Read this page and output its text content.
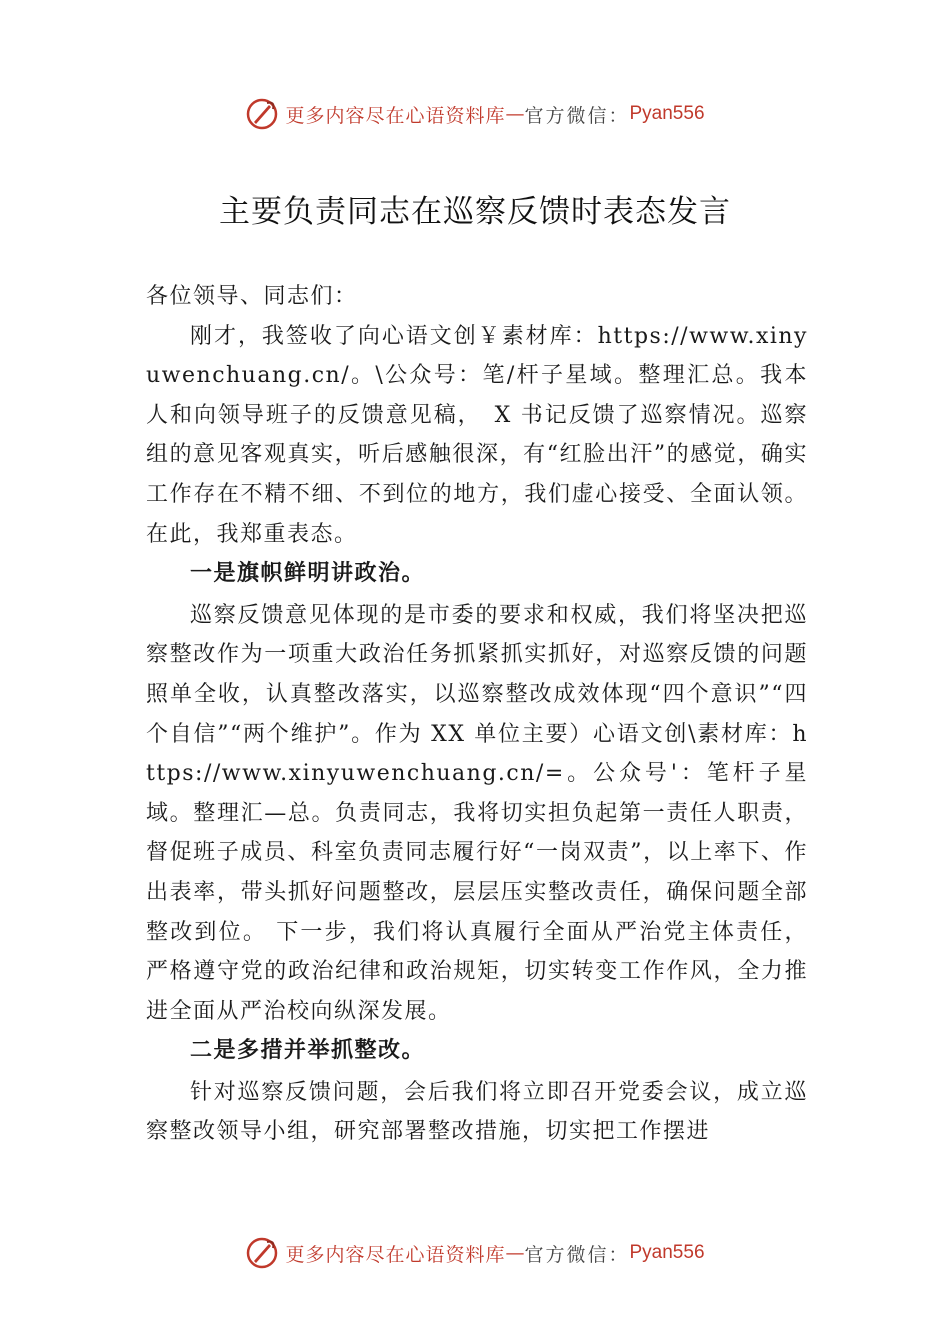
更多内容尽在心语资料库 — 官方微信： Pyan556
主要负责同志在巡察反馈时表态发言

各位领导、同志们：

刚才，我签收了向心语文创￥素材库：https://www.xinyuwenchuang.cn/。\公众号：笔/杆子星域。整理汇总。我本人和向领导班子的反馈意见稿，　X 书记反馈了巡察情况。巡察组的意见客观真实，听后感触很深，有“红脸出汗”的感觉，确实工作存在不精不细、不到位的地方，我们虚心接受、全面认领。在此，我郑重表态。

一是旗帜鲜明讲政治。

巡察反馈意见体现的是市委的要求和权威，我们将坚决把巡察整改作为一项重大政治任务抓紧抓实抓好，对巡察反馈的问题照单全收，认真整改落实，以巡察整改成效体现“四个意识”“四个自信”“两个维护”。作为 XX 单位主要）心语文创\素材库：https://www.xinyuwenchuang.cn/=。公众号'：笔杆子星域。整理汇—总。负责同志，我将切实担负起第一责任人职责，督促班子成员、科室负责同志履行好“一岗双责”，以上率下、作出表率，带头抓好问题整改，层层压实整改责任，确保问题全部整改到位。 下一步，我们将认真履行全面从严治党主体责任，严格遵守党的政治纪律和政治规矩，切实转变工作作风，全力推进全面从严治校向纵深发展。

二是多措并举抓整改。

针对巡察反馈问题，会后我们将立即召开党委会议，成立巡察整改领导小组，研究部署整改措施，切实把工作摆进

更多内容尽在心语资料库 — 官方微信： Pyan556
